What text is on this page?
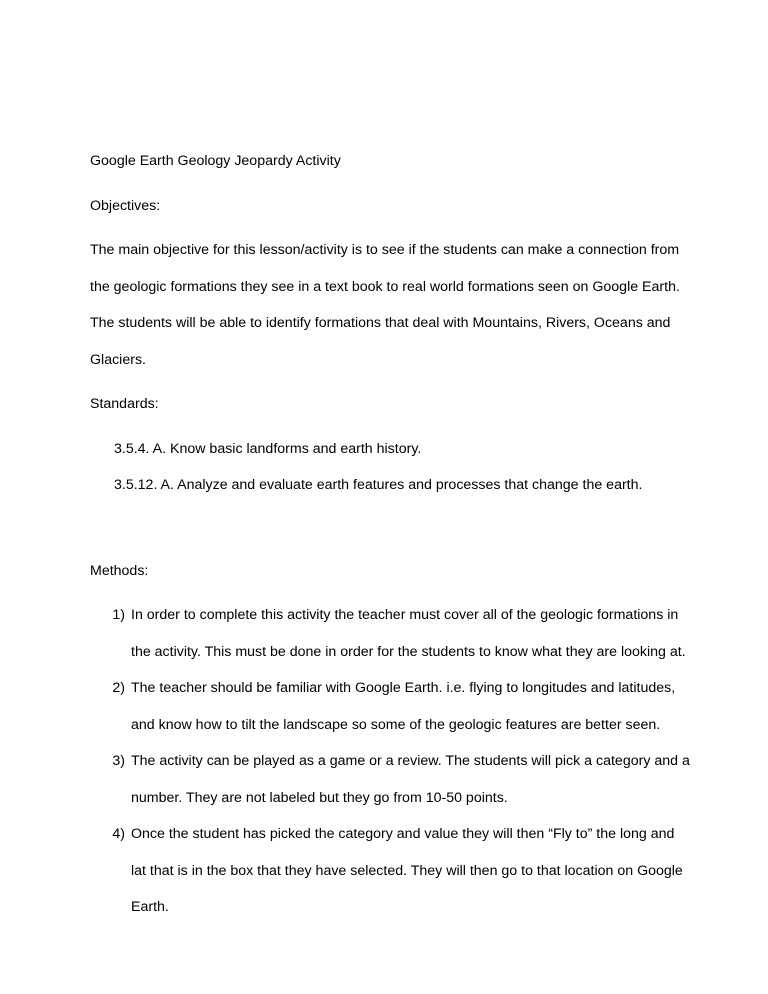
Google Earth Geology Jeopardy Activity

Objectives:

The main objective for this lesson/activity is to see if the students can make a connection from the geologic formations they see in a text book to real world formations seen on Google Earth. The students will be able to identify formations that deal with Mountains, Rivers, Oceans and Glaciers.

Standards:

3.5.4. A. Know basic landforms and earth history.
3.5.12. A. Analyze and evaluate earth features and processes that change the earth.

Methods:

1) In order to complete this activity the teacher must cover all of the geologic formations in the activity. This must be done in order for the students to know what they are looking at.
2) The teacher should be familiar with Google Earth. i.e. flying to longitudes and latitudes, and know how to tilt the landscape so some of the geologic features are better seen.
3) The activity can be played as a game or a review. The students will pick a category and a number. They are not labeled but they go from 10-50 points.
4) Once the student has picked the category and value they will then “Fly to” the long and lat that is in the box that they have selected. They will then go to that location on Google Earth.
